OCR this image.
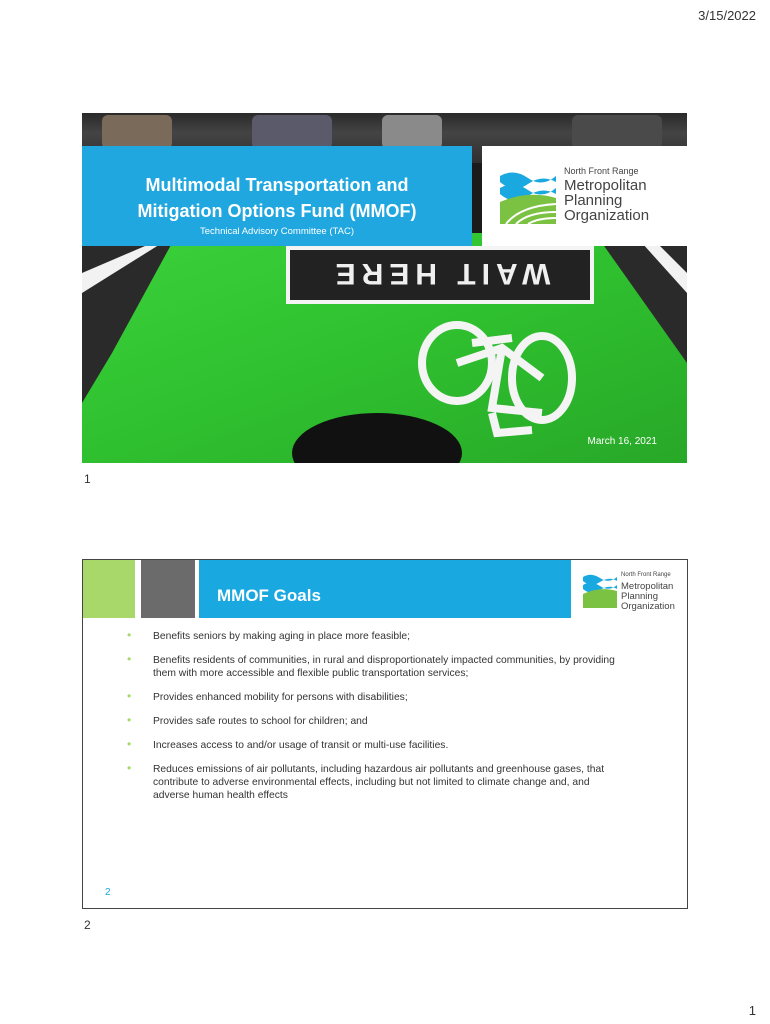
3/15/2022
WAIT HERE
Multimodal Transportation and
Mitigation Options Fund (MMOF)
Technical Advisory Committee (TAC)
North Front Range
Metropolitan
Planning
Organization
March 16, 2021
1
MMOF Goals
North Front Range
Metropolitan
Planning
Organization
• Benefits seniors by making aging in place more feasible;
• Benefits residents of communities, in rural and disproportionately impacted communities, by providing them with more accessible and flexible public transportation services;
• Provides enhanced mobility for persons with disabilities;
• Provides safe routes to school for children; and
• Increases access to and/or usage of transit or multi-use facilities.
• Reduces emissions of air pollutants, including hazardous air pollutants and greenhouse gases, that contribute to adverse environmental effects, including but not limited to climate change and, and adverse human health effects
2
2
1
